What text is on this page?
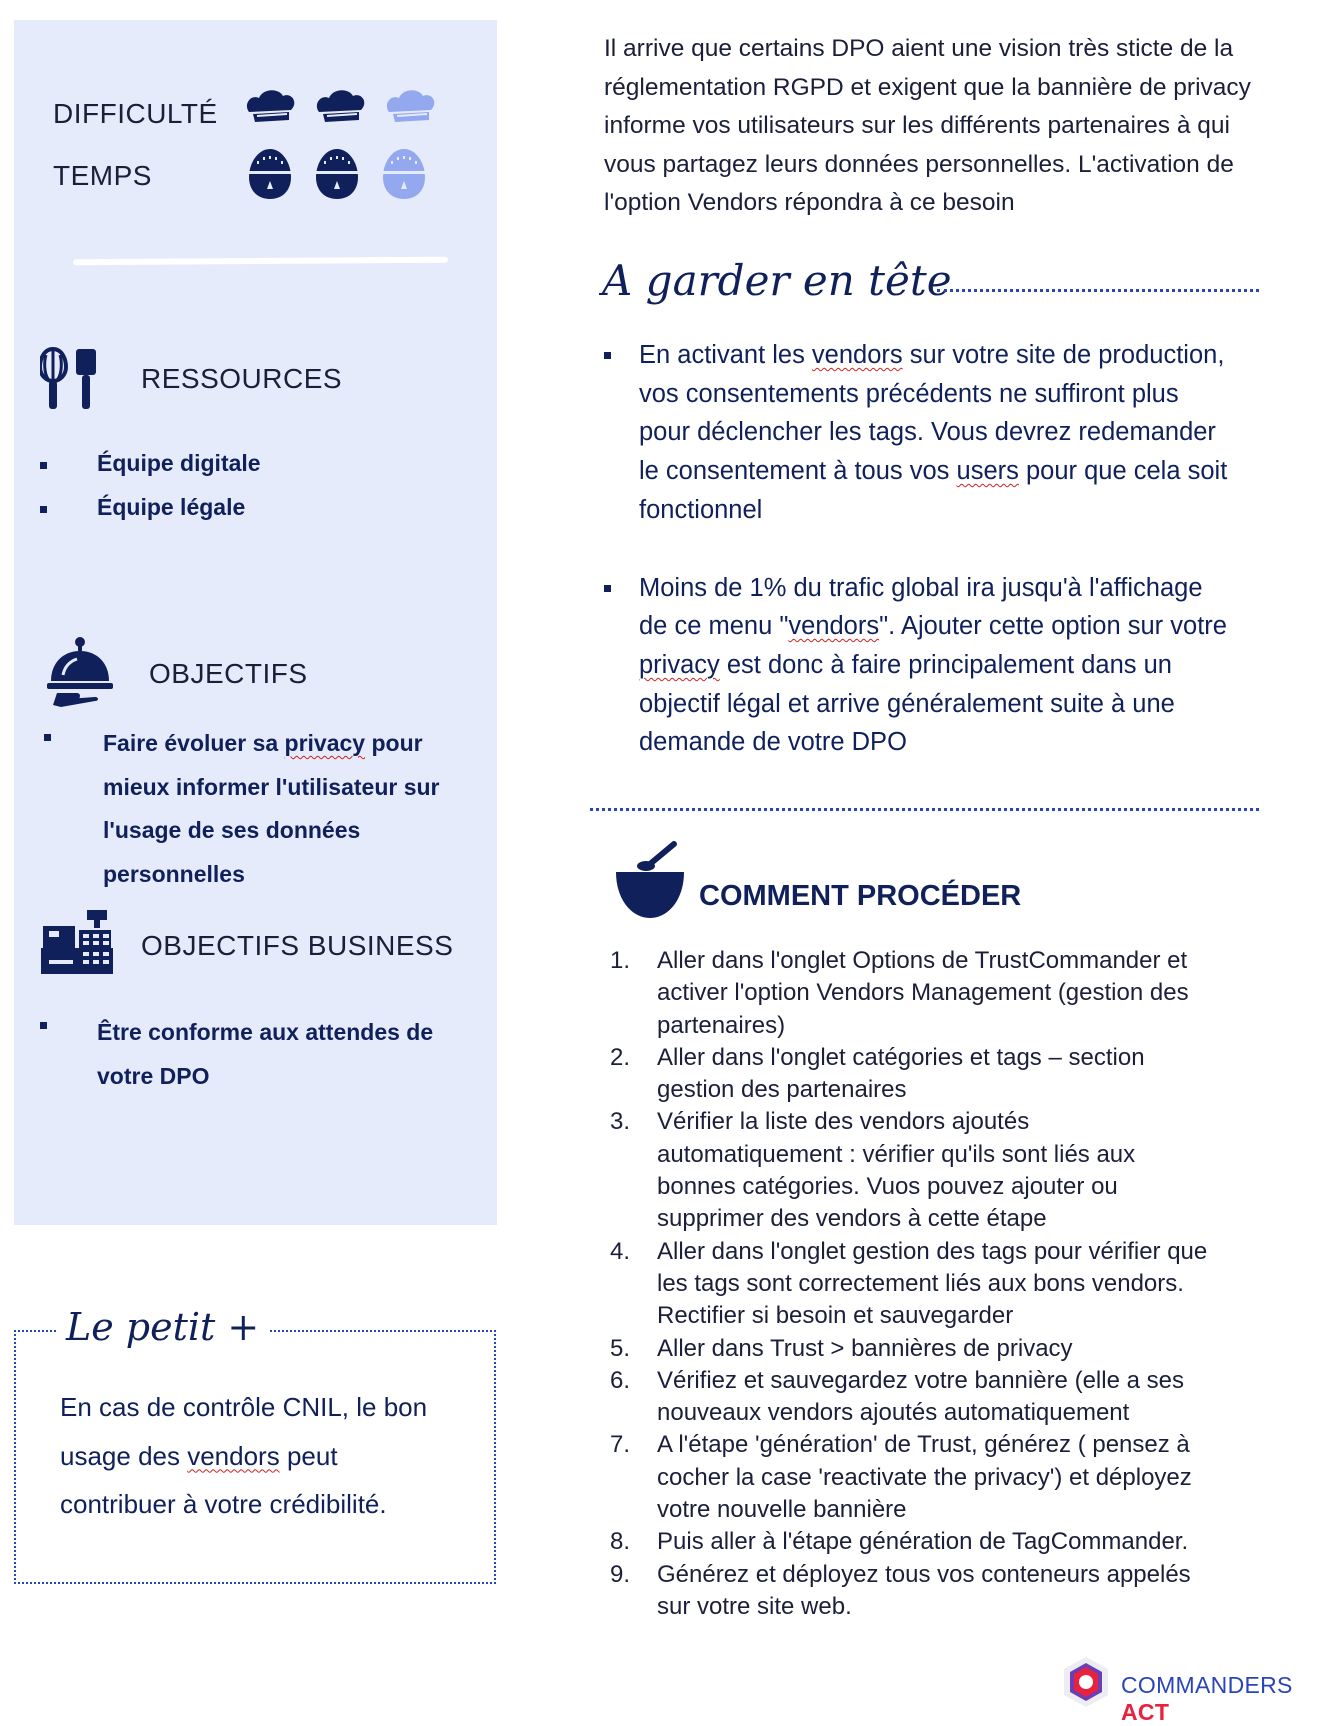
DIFFICULTÉ
TEMPS
RESSOURCES
Équipe digitale
Équipe légale
OBJECTIFS
Faire évoluer sa privacy pour
mieux informer l'utilisateur sur
l'usage de ses données
personnelles
OBJECTIFS BUSINESS
Être conforme aux attendes de
votre DPO
Le petit +
En cas de contrôle CNIL, le bon
usage des vendors peut
contribuer à votre crédibilité.
Il arrive que certains DPO aient une vision très sticte de la
réglementation RGPD et exigent que la bannière de privacy
informe vos utilisateurs sur les différents partenaires à qui
vous partagez leurs données personnelles. L'activation de
l'option Vendors répondra à ce besoin
A garder en tête
En activant les vendors sur votre site de production,
vos consentements précédents ne suffiront plus
pour déclencher les tags. Vous devrez redemander
le consentement à tous vos users pour que cela soit
fonctionnel
Moins de 1% du trafic global ira jusqu'à l'affichage
de ce menu "vendors". Ajouter cette option sur votre
privacy est donc à faire principalement dans un
objectif légal et arrive généralement suite à une
demande de votre DPO
COMMENT PROCÉDER
1. Aller dans l'onglet Options de TrustCommander et
activer l'option Vendors Management (gestion des
partenaires)
2. Aller dans l'onglet catégories et tags – section
gestion des partenaires
3. Vérifier la liste des vendors ajoutés
automatiquement : vérifier qu'ils sont liés aux
bonnes catégories. Vuos pouvez ajouter ou
supprimer des vendors à cette étape
4. Aller dans l'onglet gestion des tags pour vérifier que
les tags sont correctement liés aux bons vendors.
Rectifier si besoin et sauvegarder
5. Aller dans Trust > bannières de privacy
6. Vérifiez et sauvegardez votre bannière (elle a ses
nouveaux vendors ajoutés automatiquement
7. A l'étape 'génération' de Trust, générez ( pensez à
cocher la case 'reactivate the privacy') et déployez
votre nouvelle bannière
8. Puis aller à l'étape génération de TagCommander.
9. Générez et déployez tous vos conteneurs appelés
sur votre site web.
COMMANDERS ACT
